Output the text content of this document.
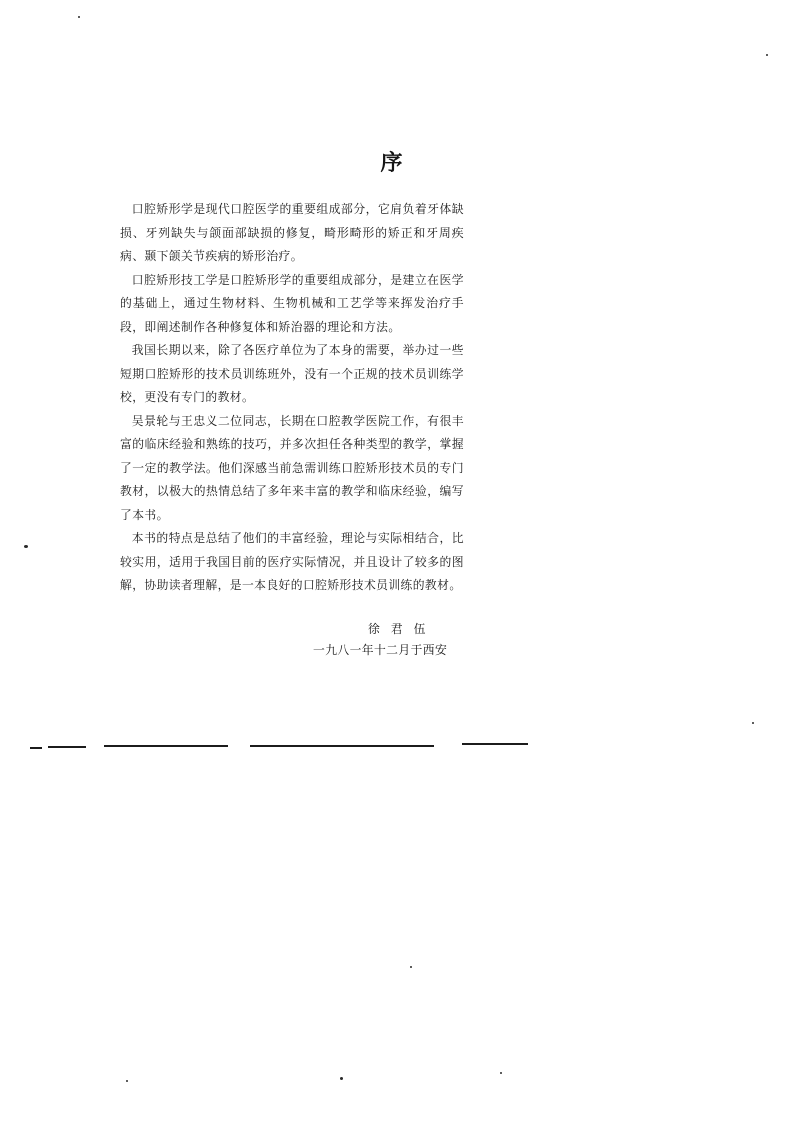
序

口腔矫形学是现代口腔医学的重要组成部分，它肩负着牙体缺损、牙列缺失与颌面部缺损的修复，畸形畸形的矫正和牙周疾病、颞下颌关节疾病的矫形治疗。

口腔矫形技工学是口腔矫形学的重要组成部分，是建立在医学的基础上，通过生物材料、生物机械和工艺学等来挥发治疗手段，即阐述制作各种修复体和矫治器的理论和方法。

我国长期以来，除了各医疗单位为了本身的需要，举办过一些短期口腔矫形的技术员训练班外，没有一个正规的技术员训练学校，更没有专门的教材。

吴景轮与王忠义二位同志，长期在口腔教学医院工作，有很丰富的临床经验和熟练的技巧，并多次担任各种类型的教学，掌握了一定的教学法。他们深感当前急需训练口腔矫形技术员的专门教材，以极大的热情总结了多年来丰富的教学和临床经验，编写了本书。

本书的特点是总结了他们的丰富经验，理论与实际相结合，比较实用，适用于我国目前的医疗实际情况，并且设计了较多的图解，协助读者理解，是一本良好的口腔矫形技术员训练的教材。

徐君伍
一九八一年十二月于西安
